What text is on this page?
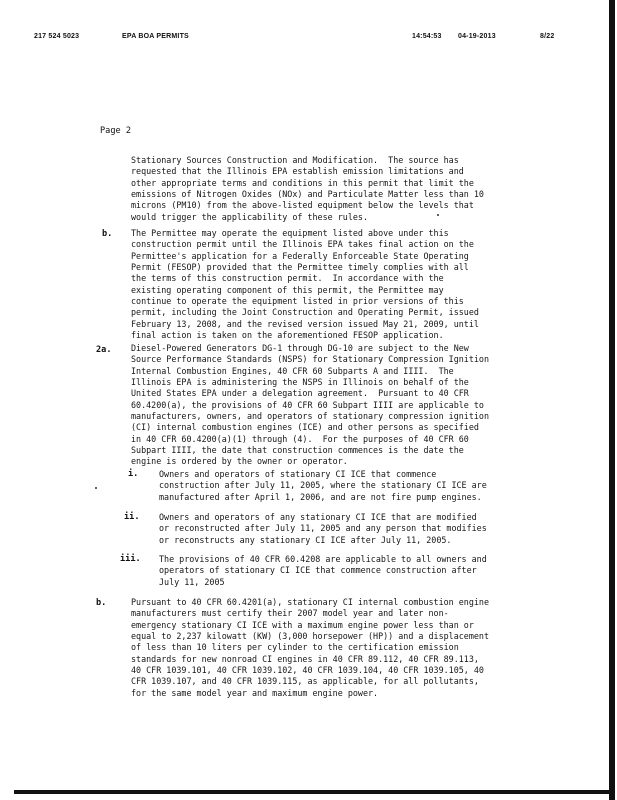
217 524 5023	EPA BOA PERMITS	14:54:53 04-19-2013	8/22
Page 2
Stationary Sources Construction and Modification.  The source has
requested that the Illinois EPA establish emission limitations and
other appropriate terms and conditions in this permit that limit the
emissions of Nitrogen Oxides (NOx) and Particulate Matter less than 10
microns (PM10) from the above-listed equipment below the levels that
would trigger the applicability of these rules.
b. The Permittee may operate the equipment listed above under this
construction permit until the Illinois EPA takes final action on the
Permittee's application for a Federally Enforceable State Operating
Permit (FESOP) provided that the Permittee timely complies with all
the terms of this construction permit.  In accordance with the
existing operating component of this permit, the Permittee may
continue to operate the equipment listed in prior versions of this
permit, including the Joint Construction and Operating Permit, issued
February 13, 2008, and the revised version issued May 21, 2009, until
final action is taken on the aforementioned FESOP application.
2a. Diesel-Powered Generators DG-1 through DG-10 are subject to the New
Source Performance Standards (NSPS) for Stationary Compression Ignition
Internal Combustion Engines, 40 CFR 60 Subparts A and IIII.  The
Illinois EPA is administering the NSPS in Illinois on behalf of the
United States EPA under a delegation agreement.  Pursuant to 40 CFR
60.4200(a), the provisions of 40 CFR 60 Subpart IIII are applicable to
manufacturers, owners, and operators of stationary compression ignition
(CI) internal combustion engines (ICE) and other persons as specified
in 40 CFR 60.4200(a)(1) through (4).  For the purposes of 40 CFR 60
Subpart IIII, the date that construction commences is the date the
engine is ordered by the owner or operator.
i. Owners and operators of stationary CI ICE that commence
construction after July 11, 2005, where the stationary CI ICE are
manufactured after April 1, 2006, and are not fire pump engines.
ii. Owners and operators of any stationary CI ICE that are modified
or reconstructed after July 11, 2005 and any person that modifies
or reconstructs any stationary CI ICE after July 11, 2005.
iii. The provisions of 40 CFR 60.4208 are applicable to all owners and
operators of stationary CI ICE that commence construction after
July 11, 2005
b.	Pursuant to 40 CFR 60.4201(a), stationary CI internal combustion engine
manufacturers must certify their 2007 model year and later non-
emergency stationary CI ICE with a maximum engine power less than or
equal to 2,237 kilowatt (KW) (3,000 horsepower (HP)) and a displacement
of less than 10 liters per cylinder to the certification emission
standards for new nonroad CI engines in 40 CFR 89.112, 40 CFR 89.113,
40 CFR 1039.101, 40 CFR 1039.102, 40 CFR 1039.104, 40 CFR 1039.105, 40
CFR 1039.107, and 40 CFR 1039.115, as applicable, for all pollutants,
for the same model year and maximum engine power.
